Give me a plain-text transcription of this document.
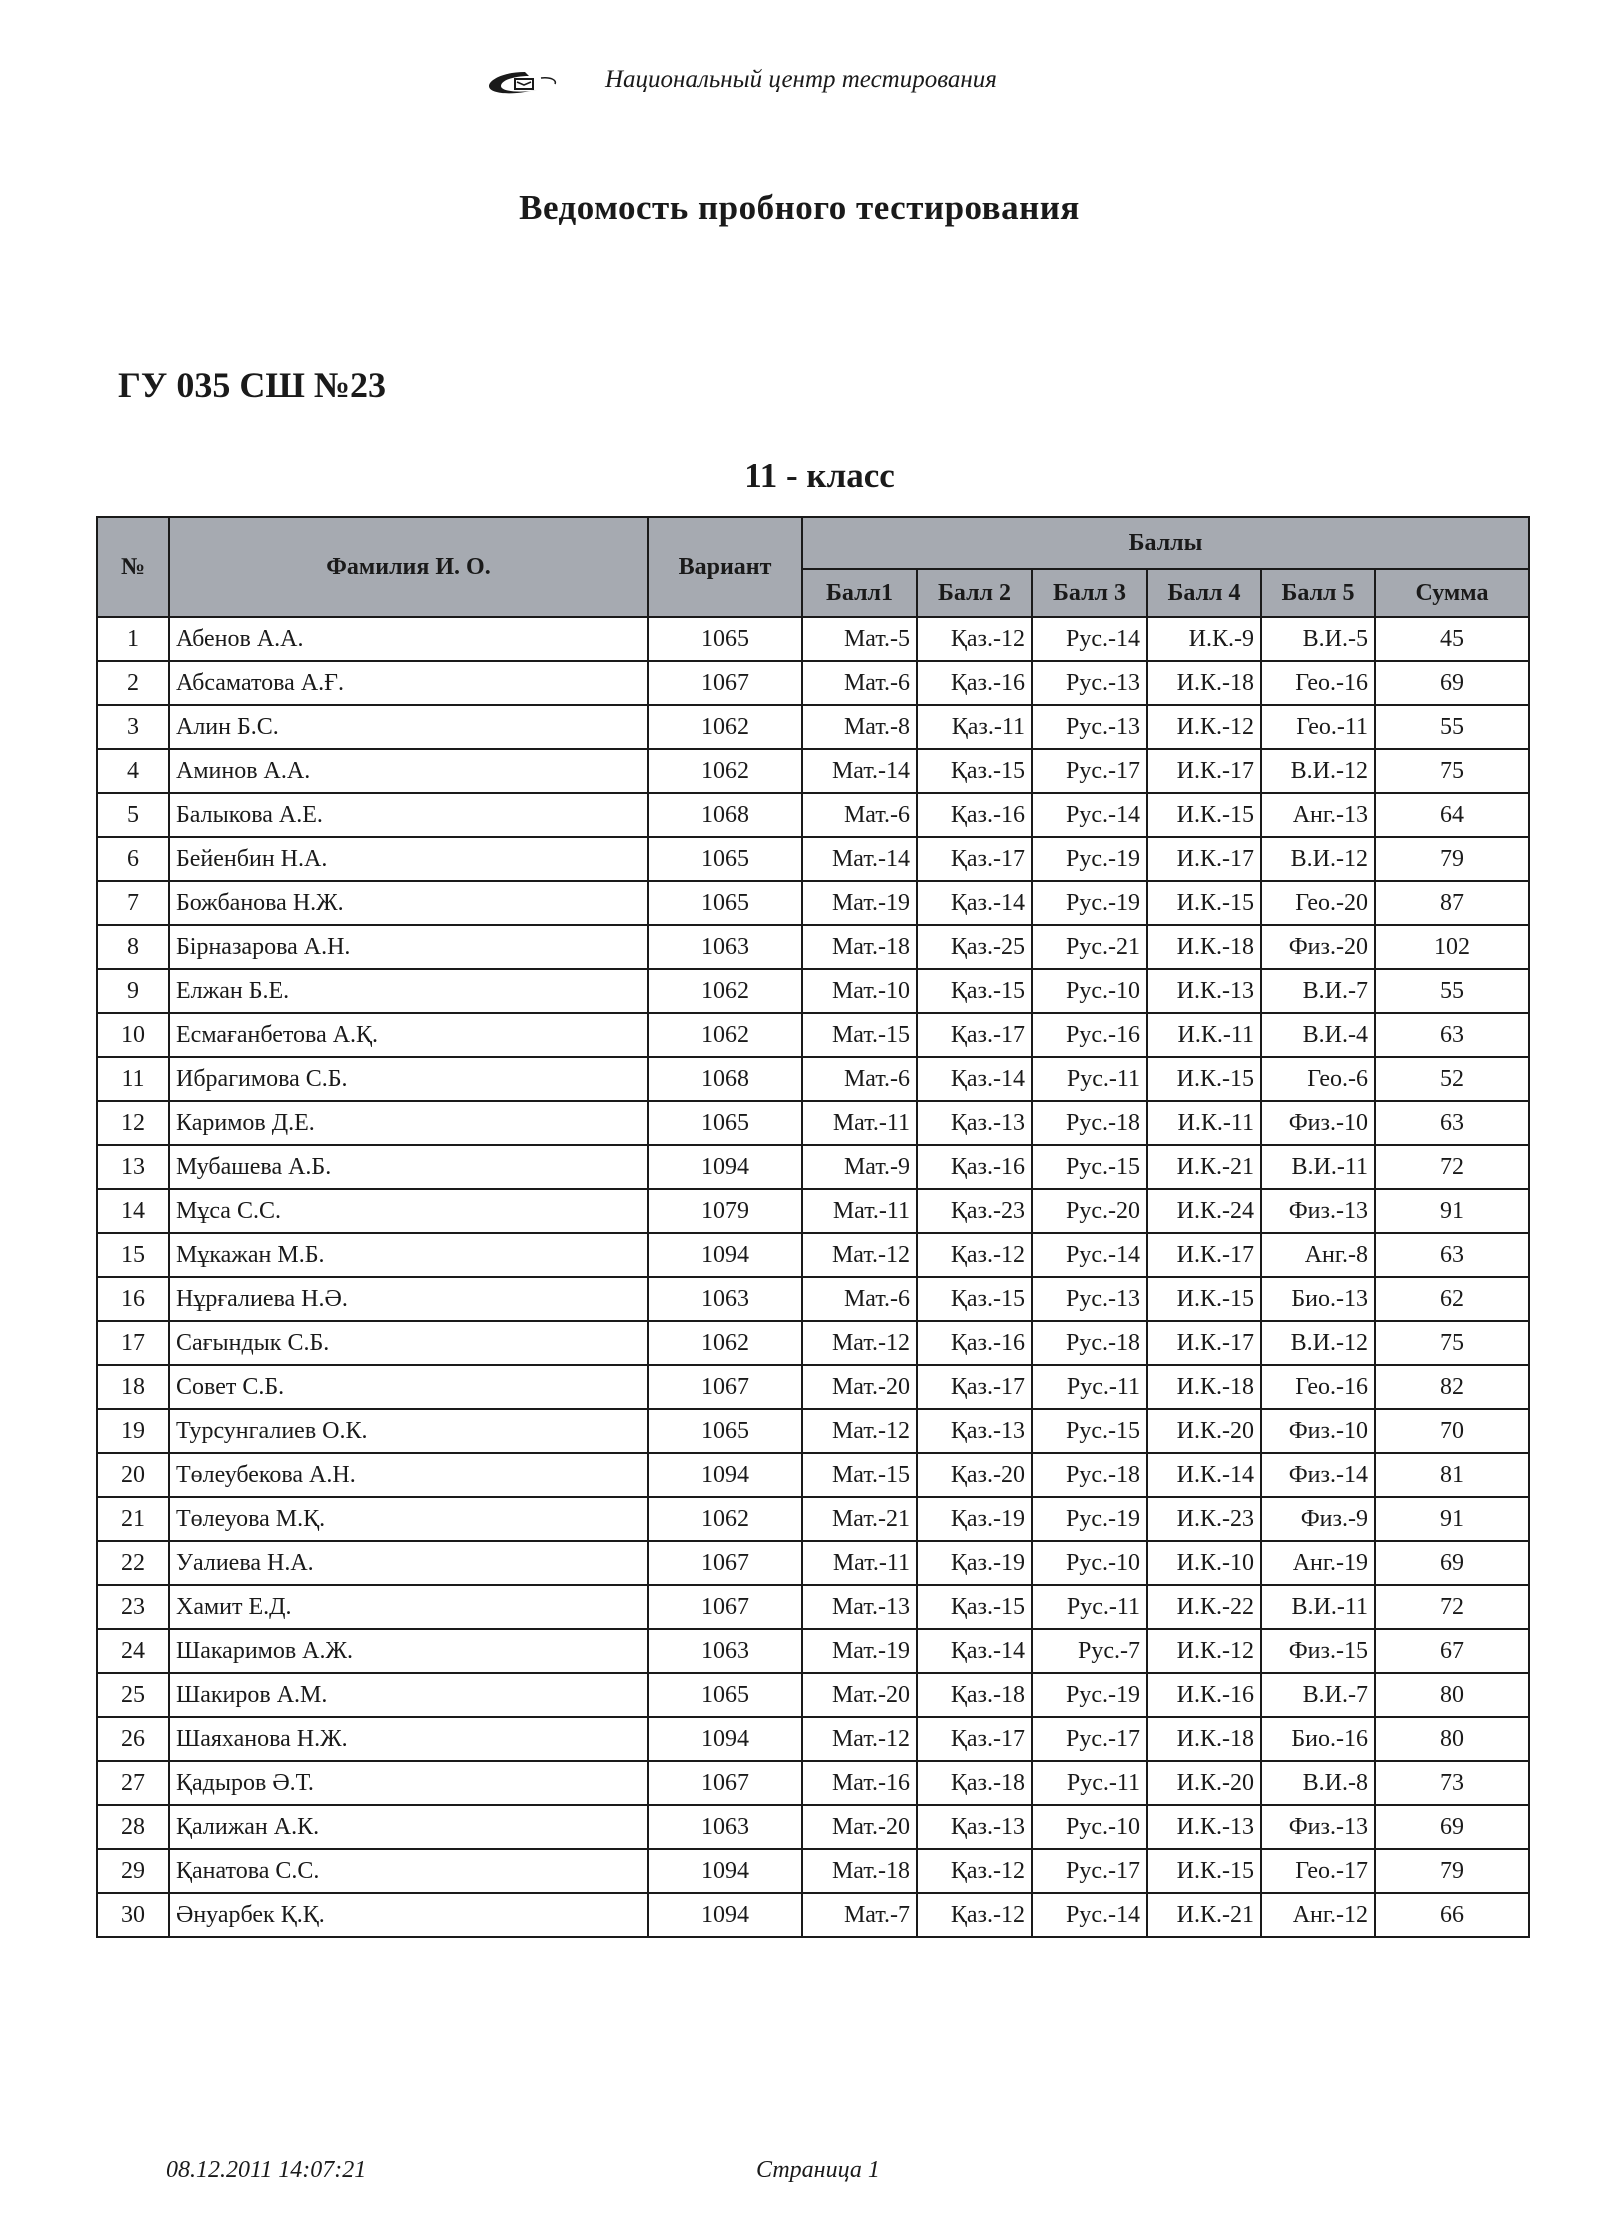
Национальный центр тестирования
Ведомость пробного тестирования
ГУ 035 СШ №23
11 - класс
№	Фамилия И. О.	Вариант	Баллы					
			Балл1	Балл 2	Балл 3	Балл 4	Балл 5	Сумма
1	Абенов А.А.	1065	Мат.-5	Қаз.-12	Рус.-14	И.К.-9	В.И.-5	45
2	Абсаматова А.Ғ.	1067	Мат.-6	Қаз.-16	Рус.-13	И.К.-18	Гео.-16	69
3	Алин Б.С.	1062	Мат.-8	Қаз.-11	Рус.-13	И.К.-12	Гео.-11	55
4	Аминов А.А.	1062	Мат.-14	Қаз.-15	Рус.-17	И.К.-17	В.И.-12	75
5	Балыкова А.Е.	1068	Мат.-6	Қаз.-16	Рус.-14	И.К.-15	Анг.-13	64
6	Бейенбин Н.А.	1065	Мат.-14	Қаз.-17	Рус.-19	И.К.-17	В.И.-12	79
7	Божбанова Н.Ж.	1065	Мат.-19	Қаз.-14	Рус.-19	И.К.-15	Гео.-20	87
8	Бірназарова А.Н.	1063	Мат.-18	Қаз.-25	Рус.-21	И.К.-18	Физ.-20	102
9	Елжан Б.Е.	1062	Мат.-10	Қаз.-15	Рус.-10	И.К.-13	В.И.-7	55
10	Есмағанбетова А.Қ.	1062	Мат.-15	Қаз.-17	Рус.-16	И.К.-11	В.И.-4	63
11	Ибрагимова С.Б.	1068	Мат.-6	Қаз.-14	Рус.-11	И.К.-15	Гео.-6	52
12	Каримов Д.Е.	1065	Мат.-11	Қаз.-13	Рус.-18	И.К.-11	Физ.-10	63
13	Мубашева А.Б.	1094	Мат.-9	Қаз.-16	Рус.-15	И.К.-21	В.И.-11	72
14	Мұса С.С.	1079	Мат.-11	Қаз.-23	Рус.-20	И.К.-24	Физ.-13	91
15	Мұкажан М.Б.	1094	Мат.-12	Қаз.-12	Рус.-14	И.К.-17	Анг.-8	63
16	Нұрғалиева Н.Ә.	1063	Мат.-6	Қаз.-15	Рус.-13	И.К.-15	Био.-13	62
17	Сағындык С.Б.	1062	Мат.-12	Қаз.-16	Рус.-18	И.К.-17	В.И.-12	75
18	Совет С.Б.	1067	Мат.-20	Қаз.-17	Рус.-11	И.К.-18	Гео.-16	82
19	Турсунгалиев О.К.	1065	Мат.-12	Қаз.-13	Рус.-15	И.К.-20	Физ.-10	70
20	Төлеубекова А.Н.	1094	Мат.-15	Қаз.-20	Рус.-18	И.К.-14	Физ.-14	81
21	Төлеуова М.Қ.	1062	Мат.-21	Қаз.-19	Рус.-19	И.К.-23	Физ.-9	91
22	Уалиева Н.А.	1067	Мат.-11	Қаз.-19	Рус.-10	И.К.-10	Анг.-19	69
23	Хамит Е.Д.	1067	Мат.-13	Қаз.-15	Рус.-11	И.К.-22	В.И.-11	72
24	Шакаримов А.Ж.	1063	Мат.-19	Қаз.-14	Рус.-7	И.К.-12	Физ.-15	67
25	Шакиров А.М.	1065	Мат.-20	Қаз.-18	Рус.-19	И.К.-16	В.И.-7	80
26	Шаяханова Н.Ж.	1094	Мат.-12	Қаз.-17	Рус.-17	И.К.-18	Био.-16	80
27	Қадыров Ә.Т.	1067	Мат.-16	Қаз.-18	Рус.-11	И.К.-20	В.И.-8	73
28	Қалижан А.К.	1063	Мат.-20	Қаз.-13	Рус.-10	И.К.-13	Физ.-13	69
29	Қанатова С.С.	1094	Мат.-18	Қаз.-12	Рус.-17	И.К.-15	Гео.-17	79
30	Әнуарбек Қ.Қ.	1094	Мат.-7	Қаз.-12	Рус.-14	И.К.-21	Анг.-12	66
08.12.2011 14:07:21	Страница 1
